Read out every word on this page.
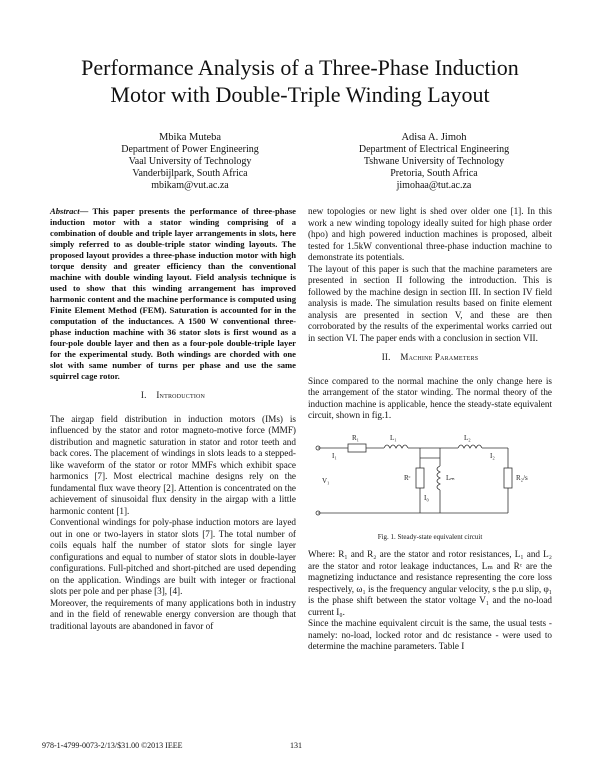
Performance Analysis of a Three-Phase Induction
Motor with Double-Triple Winding Layout
Mbika Muteba
Department of Power Engineering
Vaal University of Technology
Vanderbijlpark, South Africa
mbikam@vut.ac.za
Adisa A. Jimoh
Department of Electrical Engineering
Tshwane University of Technology
Pretoria, South Africa
jimohaa@tut.ac.za

Abstract— This paper presents the performance of three-phase induction motor with a stator winding comprising of a combination of double and triple layer arrangements in slots, here simply referred to as double-triple stator winding layouts. The proposed layout provides a three-phase induction motor with high torque density and greater efficiency than the conventional machine with double winding layout. Field analysis technique is used to show that this winding arrangement has improved harmonic content and the machine performance is computed using Finite Element Method (FEM). Saturation is accounted for in the computation of the inductances. A 1500 W conventional three-phase induction machine with 36 stator slots is first wound as a four-pole double layer and then as a four-pole double-triple layer for the experimental study. Both windings are chorded with one slot with same number of turns per phase and use the same squirrel cage rotor.

I. Introduction

The airgap field distribution in induction motors (IMs) is influenced by the stator and rotor magneto-motive force (MMF) distribution and magnetic saturation in stator and rotor teeth and back cores. The placement of windings in slots leads to a stepped-like waveform of the stator or rotor MMFs which exhibit space harmonics [7]. Most electrical machine designs rely on the fundamental flux wave theory [2]. Attention is concentrated on the achievement of sinusoidal flux density in the airgap with a little harmonic content [1].

Conventional windings for poly-phase induction motors are layed out in one or two-layers in stator slots [7]. The total number of coils equals half the number of stator slots for single layer configurations and equal to number of stator slots in double-layer configurations. Full-pitched and short-pitched are used depending on the application. Windings are built with integer or fractional slots per pole and per phase [3], [4].

Moreover, the requirements of many applications both in industry and in the field of renewable energy conversion are though that traditional layouts are abandoned in favor of

new topologies or new light is shed over older one [1]. In this work a new winding topology ideally suited for high phase order (hpo) and high powered induction machines is proposed, albeit tested for 1.5kW conventional three-phase induction machine to demonstrate its potentials.

The layout of this paper is such that the machine parameters are presented in section II following the introduction. This is followed by the machine design in section III. In section IV field analysis is made. The simulation results based on finite element analysis are presented in section V, and these are then corroborated by the results of the experimental works carried out in section VI. The paper ends with a conclusion in section VII.

II. Machine Parameters

Since compared to the normal machine the only change here is the arrangement of the stator winding. The normal theory of the induction machine is applicable, hence the steady-state equivalent circuit, shown in fig.1.

R₁	L₁	L₂
R₂/s
Rᶜ	Lₘ
V₁
I₁	I₂
I₀
Fig. 1. Steady-state equivalent circuit

Where: R₁ and R₂ are the stator and rotor resistances, L₁ and L₂ are the stator and rotor leakage inductances, Lₘ and Rᶜ are the magnetizing inductance and resistance representing the core loss respectively, ω₁ is the frequency angular velocity, s the p.u slip, φ₁ is the phase shift between the stator voltage V₁ and the no-load current I₀.

Since the machine equivalent circuit is the same, the usual tests - namely: no-load, locked rotor and dc resistance - were used to determine the machine parameters. Table I

978-1-4799-0073-2/13/$31.00 ©2013 IEEE	131
